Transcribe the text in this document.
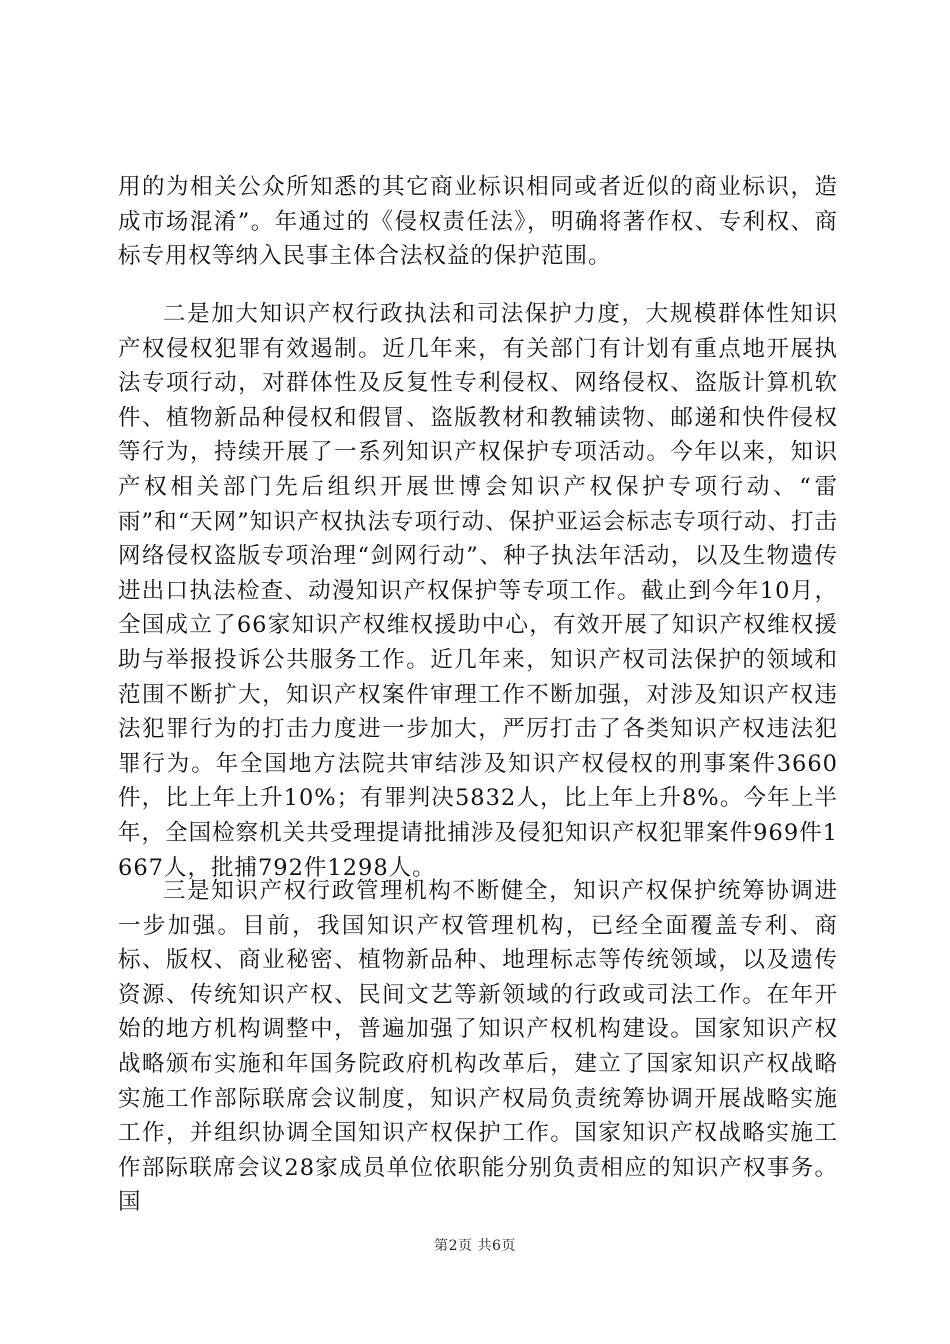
用的为相关公众所知悉的其它商业标识相同或者近似的商业标识，造成市场混淆”。年通过的《侵权责任法》，明确将著作权、专利权、商标专用权等纳入民事主体合法权益的保护范围。

二是加大知识产权行政执法和司法保护力度，大规模群体性知识产权侵权犯罪有效遏制。近几年来，有关部门有计划有重点地开展执法专项行动，对群体性及反复性专利侵权、网络侵权、盗版计算机软件、植物新品种侵权和假冒、盗版教材和教辅读物、邮递和快件侵权等行为，持续开展了一系列知识产权保护专项活动。今年以来，知识产权相关部门先后组织开展世博会知识产权保护专项行动、“雷雨”和“天网”知识产权执法专项行动、保护亚运会标志专项行动、打击网络侵权盗版专项治理“剑网行动”、种子执法年活动，以及生物遗传进出口执法检查、动漫知识产权保护等专项工作。截止到今年10月，全国成立了66家知识产权维权援助中心，有效开展了知识产权维权援助与举报投诉公共服务工作。近几年来，知识产权司法保护的领域和范围不断扩大，知识产权案件审理工作不断加强，对涉及知识产权违法犯罪行为的打击力度进一步加大，严厉打击了各类知识产权违法犯罪行为。年全国地方法院共审结涉及知识产权侵权的刑事案件3660件，比上年上升10%；有罪判决5832人，比上年上升8%。今年上半年，全国检察机关共受理提请批捕涉及侵犯知识产权犯罪案件969件1667人，批捕792件1298人。

三是知识产权行政管理机构不断健全，知识产权保护统筹协调进一步加强。目前，我国知识产权管理机构，已经全面覆盖专利、商标、版权、商业秘密、植物新品种、地理标志等传统领域，以及遗传资源、传统知识产权、民间文艺等新领域的行政或司法工作。在年开始的地方机构调整中，普遍加强了知识产权机构建设。国家知识产权战略颁布实施和年国务院政府机构改革后，建立了国家知识产权战略实施工作部际联席会议制度，知识产权局负责统筹协调开展战略实施工作，并组织协调全国知识产权保护工作。国家知识产权战略实施工作部际联席会议28家成员单位依职能分别负责相应的知识产权事务。国

第2页 共6页
